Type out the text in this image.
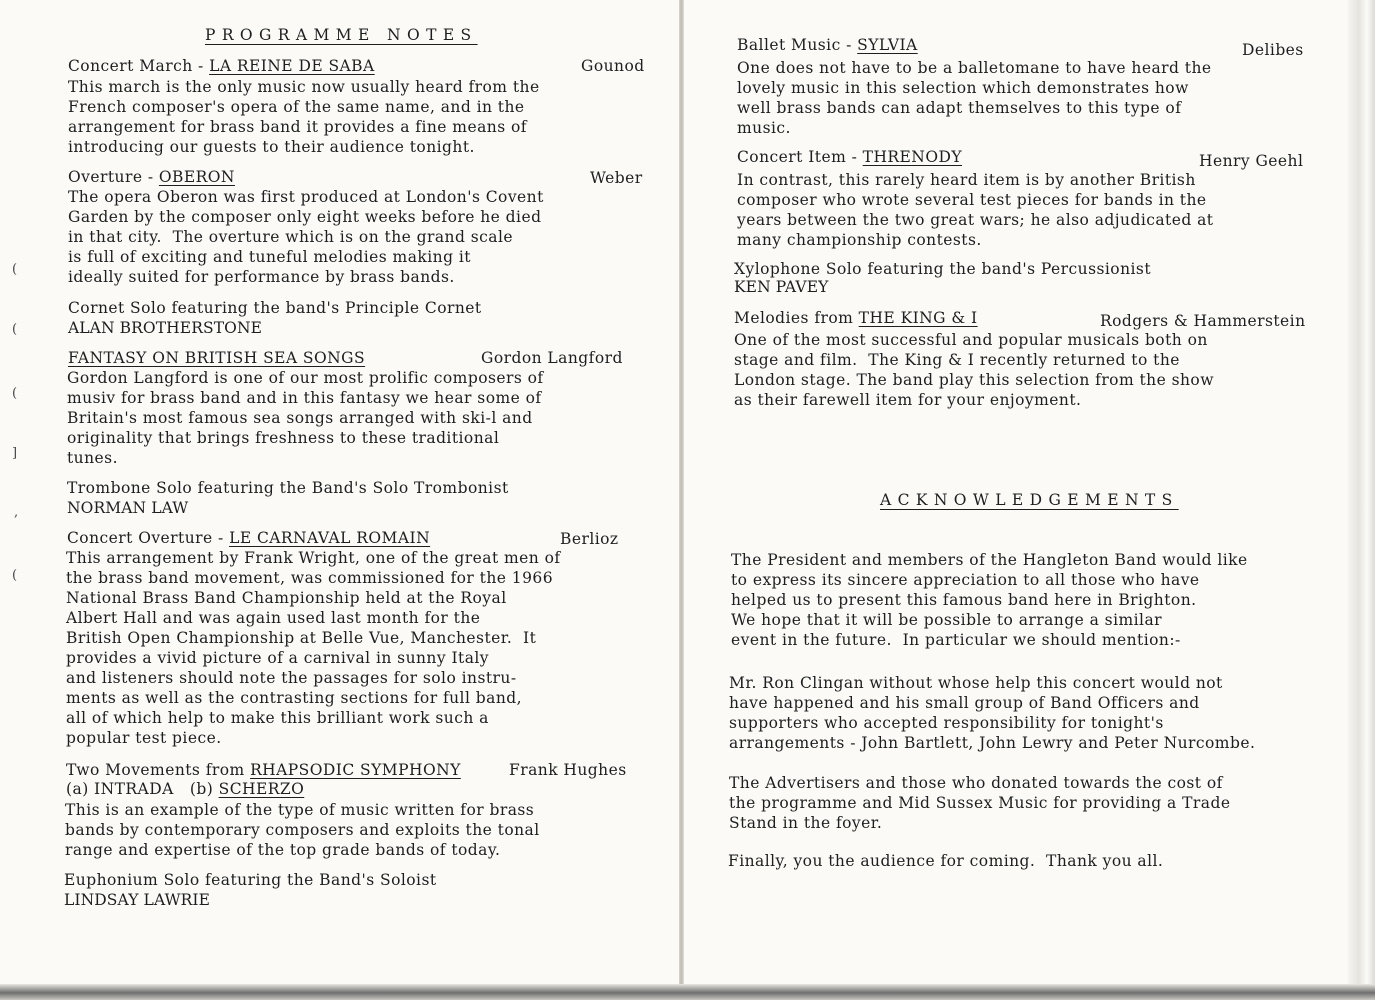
(
(
(
]
,
(
PROGRAMME NOTES
Concert March - LA REINE DE SABA	Gounod
This march is the only music now usually heard from the
French composer's opera of the same name, and in the
arrangement for brass band it provides a fine means of
introducing our guests to their audience tonight.
Overture - OBERON	Weber
The opera Oberon was first produced at London's Covent
Garden by the composer only eight weeks before he died
in that city.  The overture which is on the grand scale
is full of exciting and tuneful melodies making it
ideally suited for performance by brass bands.
Cornet Solo featuring the band's Principle Cornet
ALAN BROTHERSTONE
FANTASY ON BRITISH SEA SONGS	Gordon Langford
Gordon Langford is one of our most prolific composers of
musiv for brass band and in this fantasy we hear some of
Britain's most famous sea songs arranged with ski-l and
originality that brings freshness to these traditional
tunes.
Trombone Solo featuring the Band's Solo Trombonist
NORMAN LAW
Concert Overture - LE CARNAVAL ROMAIN	Berlioz
This arrangement by Frank Wright, one of the great men of
the brass band movement, was commissioned for the 1966
National Brass Band Championship held at the Royal
Albert Hall and was again used last month for the
British Open Championship at Belle Vue, Manchester.  It
provides a vivid picture of a carnival in sunny Italy
and listeners should note the passages for solo instru-
ments as well as the contrasting sections for full band,
all of which help to make this brilliant work such a
popular test piece.
Two Movements from RHAPSODIC SYMPHONY	Frank Hughes
(a) INTRADA (b) SCHERZO
This is an example of the type of music written for brass
bands by contemporary composers and exploits the tonal
range and expertise of the top grade bands of today.
Euphonium Solo featuring the Band's Soloist
LINDSAY LAWRIE
Ballet Music - SYLVIA	Delibes
One does not have to be a balletomane to have heard the
lovely music in this selection which demonstrates how
well brass bands can adapt themselves to this type of
music.
Concert Item - THRENODY	Henry Geehl
In contrast, this rarely heard item is by another British
composer who wrote several test pieces for bands in the
years between the two great wars; he also adjudicated at
many championship contests.
Xylophone Solo featuring the band's Percussionist
KEN PAVEY
Melodies from THE KING & I	Rodgers & Hammerstein
One of the most successful and popular musicals both on
stage and film.  The King & I recently returned to the
London stage. The band play this selection from the show
as their farewell item for your enjoyment.
ACKNOWLEDGEMENTS
The President and members of the Hangleton Band would like
to express its sincere appreciation to all those who have
helped us to present this famous band here in Brighton.
We hope that it will be possible to arrange a similar
event in the future.  In particular we should mention:-
Mr. Ron Clingan without whose help this concert would not
have happened and his small group of Band Officers and
supporters who accepted responsibility for tonight's
arrangements - John Bartlett, John Lewry and Peter Nurcombe.
The Advertisers and those who donated towards the cost of
the programme and Mid Sussex Music for providing a Trade
Stand in the foyer.
Finally, you the audience for coming.  Thank you all.
